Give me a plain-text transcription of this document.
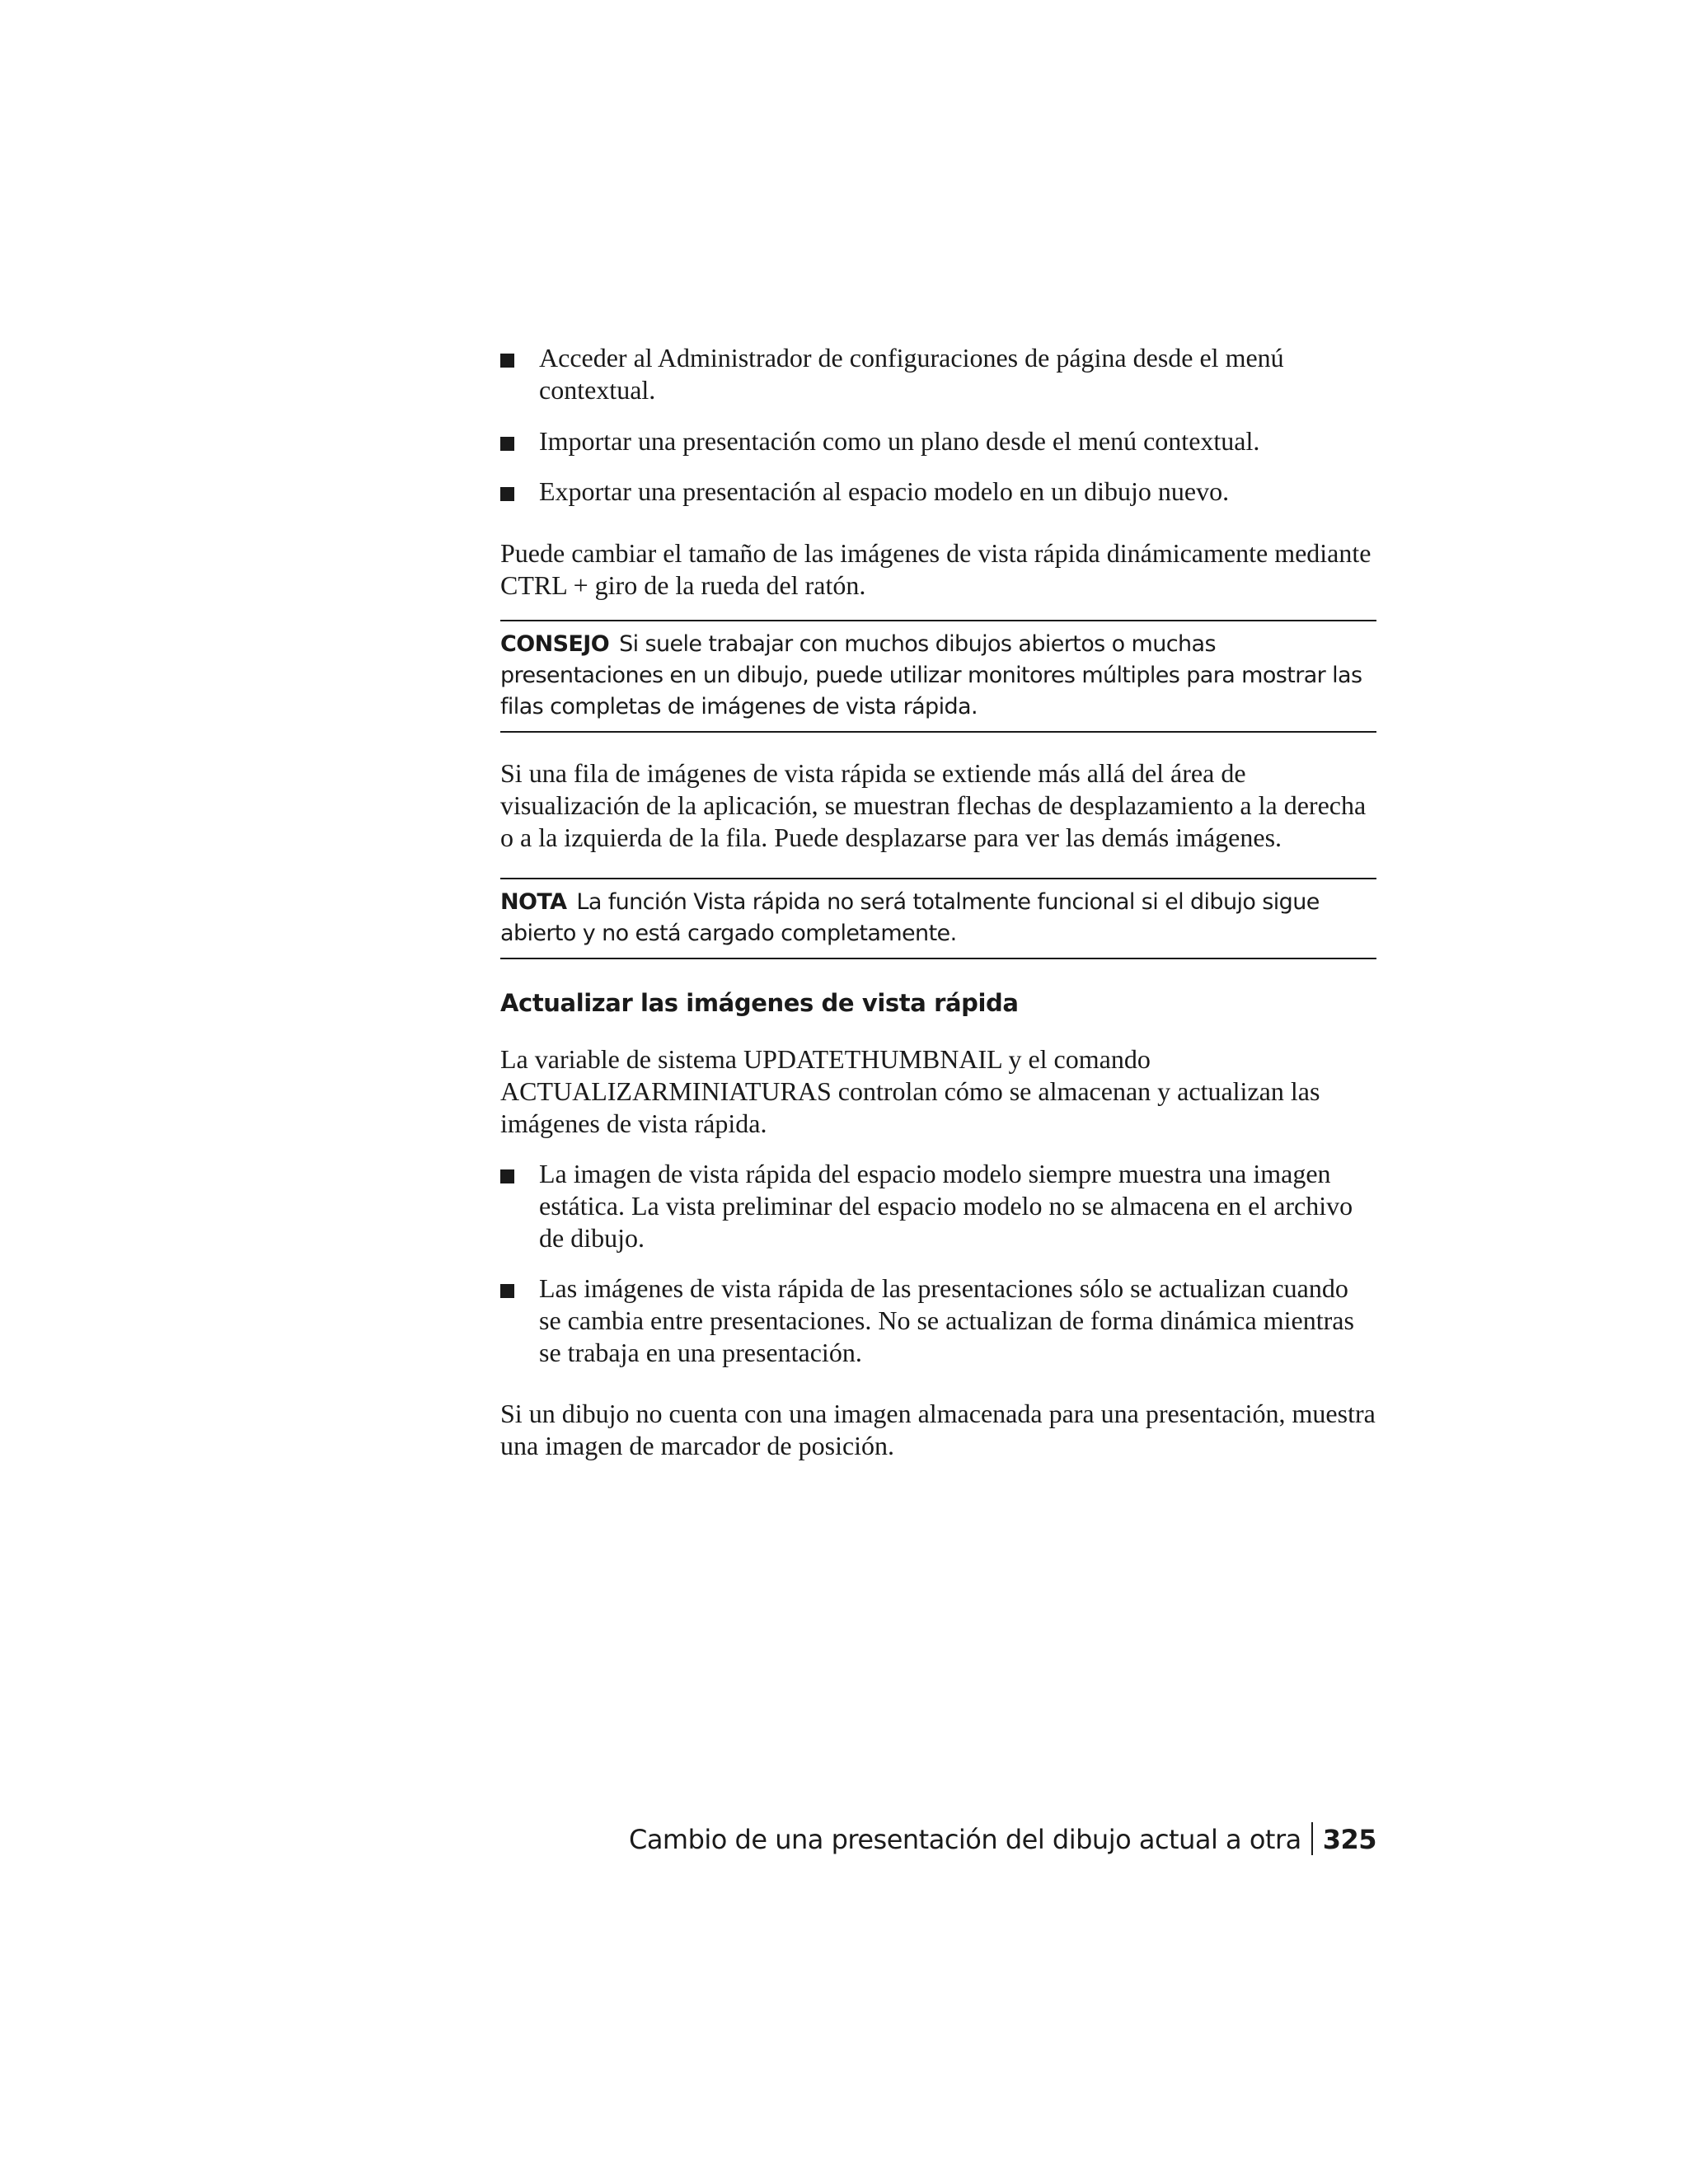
Acceder al Administrador de configuraciones de página desde el menú contextual.
Importar una presentación como un plano desde el menú contextual.
Exportar una presentación al espacio modelo en un dibujo nuevo.

Puede cambiar el tamaño de las imágenes de vista rápida dinámicamente mediante CTRL + giro de la rueda del ratón.

CONSEJO Si suele trabajar con muchos dibujos abiertos o muchas presentaciones en un dibujo, puede utilizar monitores múltiples para mostrar las filas completas de imágenes de vista rápida.

Si una fila de imágenes de vista rápida se extiende más allá del área de visualización de la aplicación, se muestran flechas de desplazamiento a la derecha o a la izquierda de la fila. Puede desplazarse para ver las demás imágenes.

NOTA La función Vista rápida no será totalmente funcional si el dibujo sigue abierto y no está cargado completamente.
Actualizar las imágenes de vista rápida

La variable de sistema UPDATETHUMBNAIL y el comando ACTUALIZARMINIATURAS controlan cómo se almacenan y actualizan las imágenes de vista rápida.

La imagen de vista rápida del espacio modelo siempre muestra una imagen estática. La vista preliminar del espacio modelo no se almacena en el archivo de dibujo.
Las imágenes de vista rápida de las presentaciones sólo se actualizan cuando se cambia entre presentaciones. No se actualizan de forma dinámica mientras se trabaja en una presentación.

Si un dibujo no cuenta con una imagen almacenada para una presentación, muestra una imagen de marcador de posición.

Cambio de una presentación del dibujo actual a otra 325
